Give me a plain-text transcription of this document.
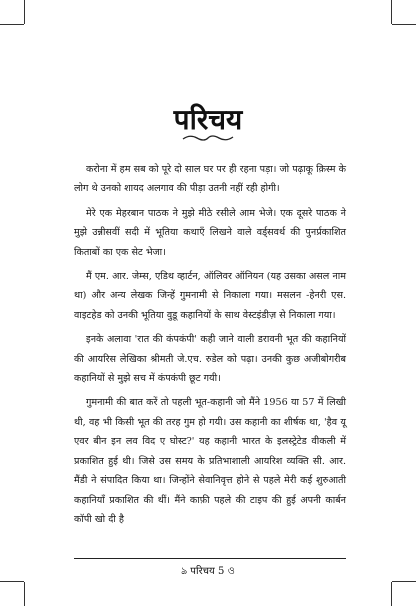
परिचय

करोना में हम सब को पूरे दो साल घर पर ही रहना पड़ा। जो पढ़ाकू क़िस्म के लोग थे उनको शायद अलगाव की पीड़ा उतनी नहीं रही होगी।

मेरे एक मेहरबान पाठक ने मुझे मीठे रसीले आम भेजे। एक दूसरे पाठक ने मुझे उन्नीसवीं सदी में भूतिया कथाएँ लिखने वाले वर्ड्सवर्थ की पुनर्प्रकाशित किताबों का एक सेट भेजा।

मैं एम. आर. जेम्स, एडिथ व्हार्टन, ऑलिवर ऑनियन (यह उसका असल नाम था) और अन्य लेखक जिन्हें गुमनामी से निकाला गया। मसलन -हेनरी एस. वाइटहेड को उनकी भूतिया वुडू कहानियों के साथ वेस्टइंडीज़ से निकाला गया।

इनके अलावा 'रात की कंपकंपी' कही जाने वाली डरावनी भूत की कहानियों की आयरिस लेखिका श्रीमती जे.एच. रुडेल को पढ़ा। उनकी कुछ अजीबोगरीब कहानियों से मुझे सच में कंपकंपी छूट गयी।

गुमनामी की बात करें तो पहली भूत-कहानी जो मैंने 1956 या 57 में लिखी थी, वह भी किसी भूत की तरह गुम हो गयी। उस कहानी का शीर्षक था, 'हैव यू एवर बीन इन लव विद ए घोस्ट?' यह कहानी भारत के इलस्ट्रेटेड वीकली में प्रकाशित हुई थी। जिसे उस समय के प्रतिभाशाली आयरिश व्यक्ति सी. आर. मैंडी ने संपादित किया था। जिन्होंने सेवानिवृत्त होने से पहले मेरी कई शुरुआती कहानियाँ प्रकाशित की थीं। मैंने काफ़ी पहले की टाइप की हुई अपनी कार्बन कॉपी खो दी है

ঌ परिचय 5 ও
